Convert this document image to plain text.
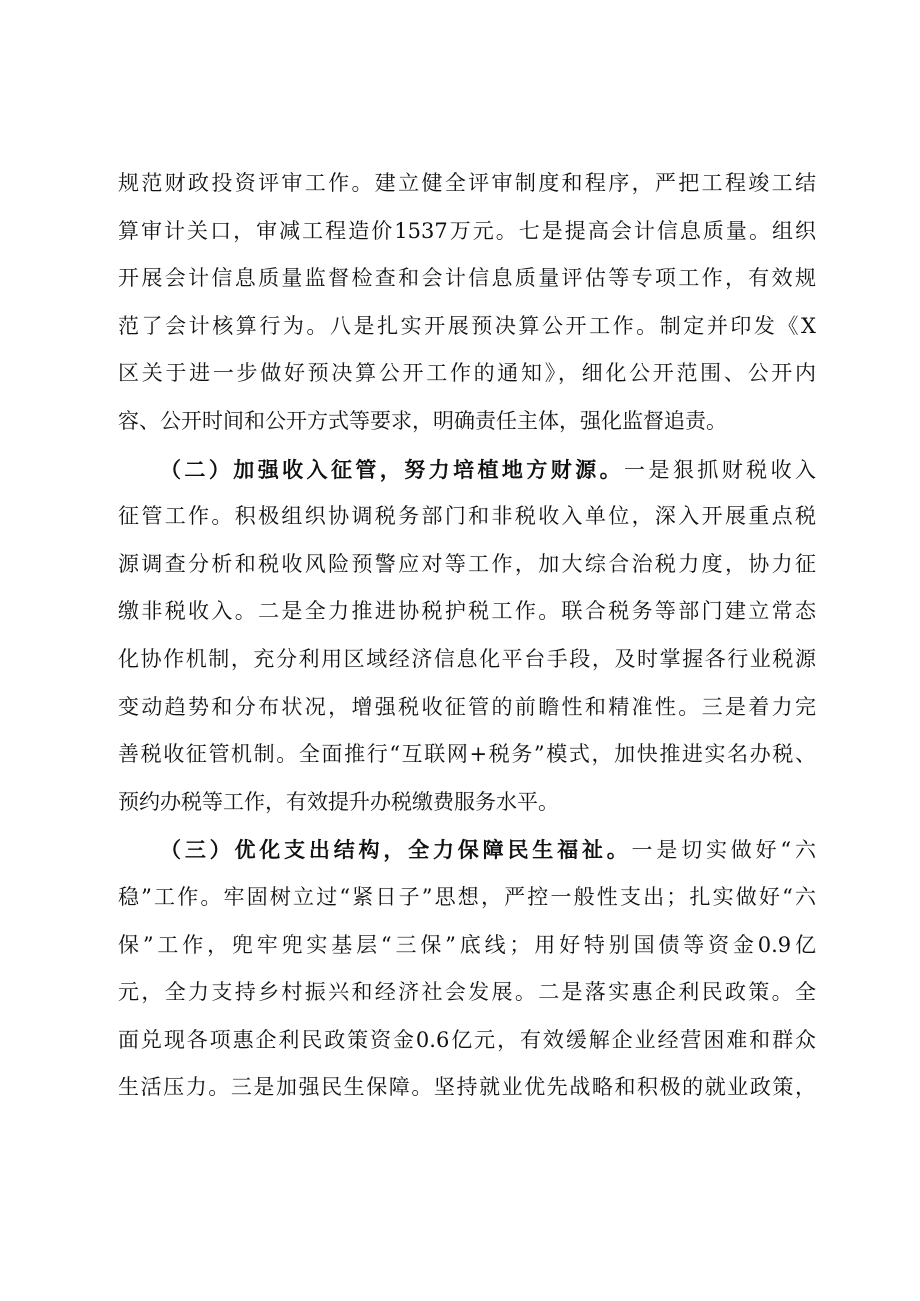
规范财政投资评审工作。建立健全评审制度和程序，严把工程竣工结
算审计关口，审减工程造价1537万元。七是提高会计信息质量。组织
开展会计信息质量监督检查和会计信息质量评估等专项工作，有效规
范了会计核算行为。八是扎实开展预决算公开工作。制定并印发《X
区关于进一步做好预决算公开工作的通知》，细化公开范围、公开内
容、公开时间和公开方式等要求，明确责任主体，强化监督追责。
（二）加强收入征管，努力培植地方财源。一是狠抓财税收入
征管工作。积极组织协调税务部门和非税收入单位，深入开展重点税
源调查分析和税收风险预警应对等工作，加大综合治税力度，协力征
缴非税收入。二是全力推进协税护税工作。联合税务等部门建立常态
化协作机制，充分利用区域经济信息化平台手段，及时掌握各行业税源
变动趋势和分布状况，增强税收征管的前瞻性和精准性。三是着力完
善税收征管机制。全面推行“互联网+税务”模式，加快推进实名办税、
预约办税等工作，有效提升办税缴费服务水平。
（三）优化支出结构，全力保障民生福祉。一是切实做好“六
稳”工作。牢固树立过“紧日子”思想，严控一般性支出；扎实做好“六
保”工作，兜牢兜实基层“三保”底线；用好特别国债等资金0.9亿
元，全力支持乡村振兴和经济社会发展。二是落实惠企利民政策。全
面兑现各项惠企利民政策资金0.6亿元，有效缓解企业经营困难和群众
生活压力。三是加强民生保障。坚持就业优先战略和积极的就业政策，
